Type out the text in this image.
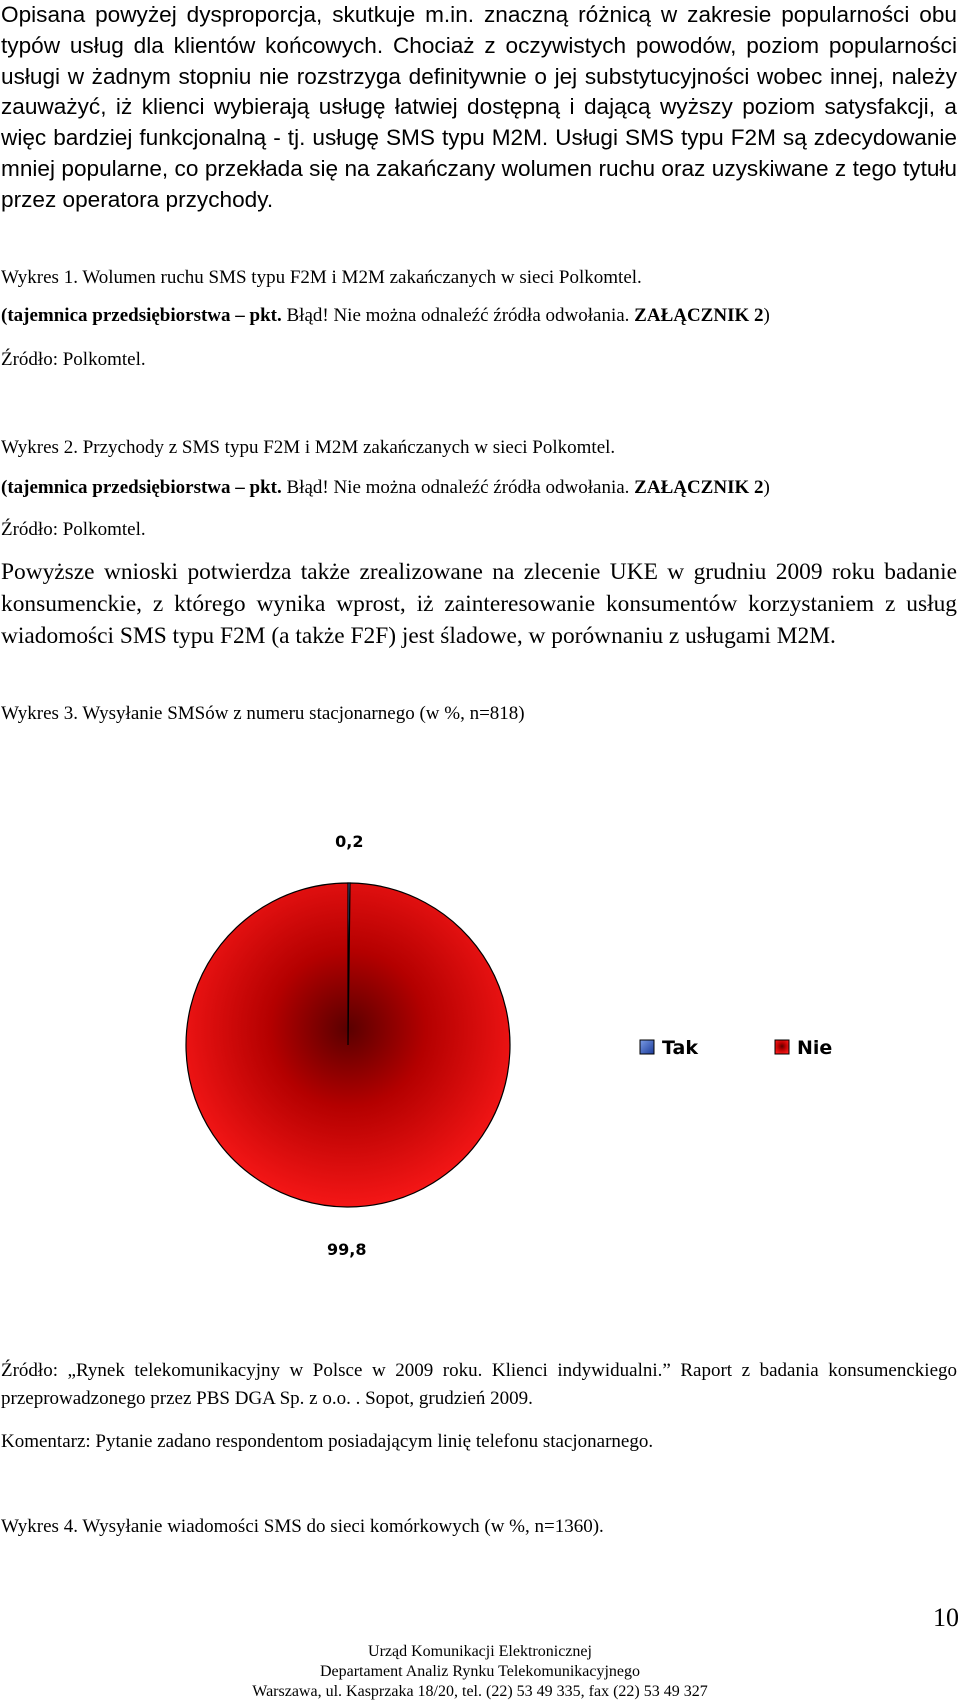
Opisana powyżej dysproporcja, skutkuje m.in. znaczną różnicą w zakresie popularności obu typów usług dla klientów końcowych. Chociaż z oczywistych powodów, poziom popularności usługi w żadnym stopniu nie rozstrzyga definitywnie o jej substytucyjności wobec innej, należy zauważyć, iż klienci wybierają usługę łatwiej dostępną i dającą wyższy poziom satysfakcji, a więc bardziej funkcjonalną - tj. usługę SMS typu M2M. Usługi SMS typu F2M są zdecydowanie mniej popularne, co przekłada się na zakańczany wolumen ruchu oraz uzyskiwane z tego tytułu przez operatora przychody.
Wykres 1. Wolumen ruchu SMS typu F2M i M2M zakańczanych w sieci Polkomtel.
(tajemnica przedsiębiorstwa – pkt. Błąd! Nie można odnaleźć źródła odwołania. ZAŁĄCZNIK 2)
Źródło: Polkomtel.
Wykres 2. Przychody z SMS typu F2M i M2M zakańczanych w sieci Polkomtel.
(tajemnica przedsiębiorstwa – pkt. Błąd! Nie można odnaleźć źródła odwołania. ZAŁĄCZNIK 2)
Źródło: Polkomtel.
Powyższe wnioski potwierdza także zrealizowane na zlecenie UKE w grudniu 2009 roku badanie konsumenckie, z którego wynika wprost, iż zainteresowanie konsumentów korzystaniem z usług wiadomości SMS typu F2M (a także F2F) jest śladowe, w porównaniu z usługami M2M.
Wykres 3. Wysyłanie SMSów z numeru stacjonarnego (w %, n=818)
0,2
99,8
Tak	Nie
Źródło: „Rynek telekomunikacyjny w Polsce w 2009 roku. Klienci indywidualni.” Raport z badania konsumenckiego przeprowadzonego przez PBS DGA Sp. z o.o. . Sopot, grudzień 2009.
Komentarz: Pytanie zadano respondentom posiadającym linię telefonu stacjonarnego.
Wykres 4. Wysyłanie wiadomości SMS do sieci komórkowych (w %, n=1360).
10
Urząd Komunikacji Elektronicznej
Departament Analiz Rynku Telekomunikacyjnego
Warszawa, ul. Kasprzaka 18/20, tel. (22) 53 49 335, fax (22) 53 49 327
